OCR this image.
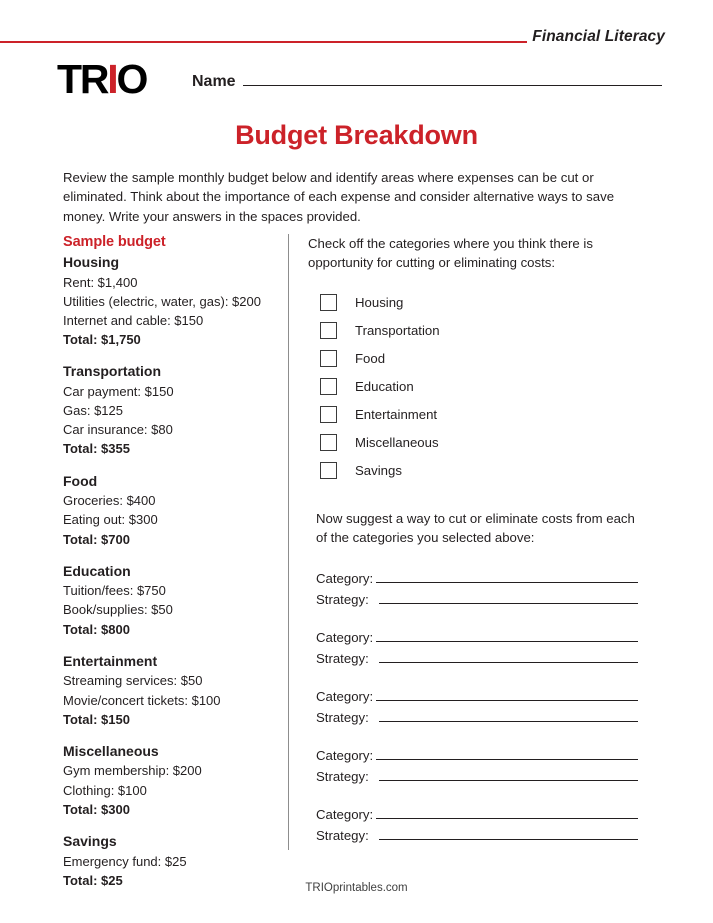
Financial Literacy
TRIO	Name
Budget Breakdown
Review the sample monthly budget below and identify areas where expenses can be cut or eliminated. Think about the importance of each expense and consider alternative ways to save money. Write your answers in the spaces provided.
Sample budget
Housing
Rent: $1,400
Utilities (electric, water, gas): $200
Internet and cable: $150
Total: $1,750
Transportation
Car payment: $150
Gas: $125
Car insurance: $80
Total: $355
Food
Groceries: $400
Eating out: $300
Total: $700
Education
Tuition/fees: $750
Book/supplies: $50
Total: $800
Entertainment
Streaming services: $50
Movie/concert tickets: $100
Total: $150
Miscellaneous
Gym membership: $200
Clothing: $100
Total: $300
Savings
Emergency fund: $25
Total: $25

Check off the categories where you think there is opportunity for cutting or eliminating costs:

Housing
Transportation
Food
Education
Entertainment
Miscellaneous
Savings

Now suggest a way to cut or eliminate costs from each of the categories you selected above:

Category:
Strategy:
Category:
Strategy:
Category:
Strategy:
Category:
Strategy:
Category:
Strategy:
TRIOprintables.com
